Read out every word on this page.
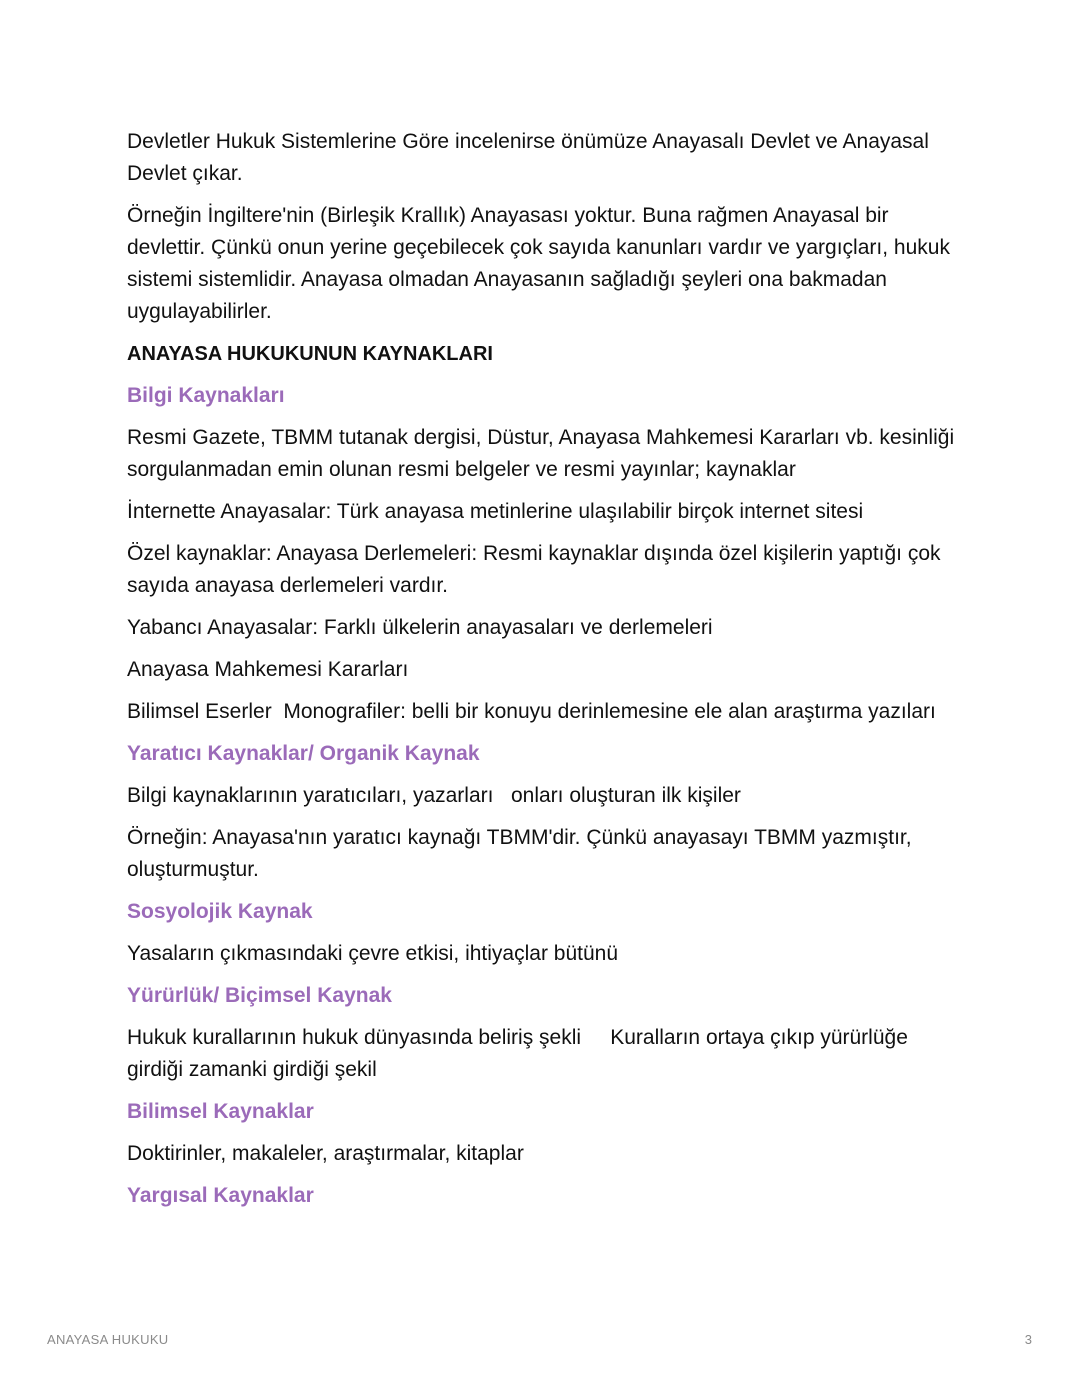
Devletler Hukuk Sistemlerine Göre incelenirse önümüze Anayasalı Devlet ve Anayasal Devlet çıkar.

Örneğin İngiltere'nin (Birleşik Krallık) Anayasası yoktur. Buna rağmen Anayasal bir devlettir. Çünkü onun yerine geçebilecek çok sayıda kanunları vardır ve yargıçları, hukuk sistemi sistemlidir. Anayasa olmadan Anayasanın sağladığı şeyleri ona bakmadan uygulayabilirler.

ANAYASA HUKUKUNUN KAYNAKLARI

Bilgi Kaynakları

Resmi Gazete, TBMM tutanak dergisi, Düstur, Anayasa Mahkemesi Kararları vb. kesinliği sorgulanmadan emin olunan resmi belgeler ve resmi yayınlar; kaynaklar

İnternette Anayasalar: Türk anayasa metinlerine ulaşılabilir birçok internet sitesi

Özel kaynaklar: Anayasa Derlemeleri: Resmi kaynaklar dışında özel kişilerin yaptığı çok sayıda anayasa derlemeleri vardır.

Yabancı Anayasalar: Farklı ülkelerin anayasaları ve derlemeleri

Anayasa Mahkemesi Kararları

Bilimsel Eserler  Monografiler: belli bir konuyu derinlemesine ele alan araştırma yazıları

Yaratıcı Kaynaklar/ Organik Kaynak

Bilgi kaynaklarının yaratıcıları, yazarları   onları oluşturan ilk kişiler

Örneğin: Anayasa'nın yaratıcı kaynağı TBMM'dir. Çünkü anayasayı TBMM yazmıştır, oluşturmuştur.

Sosyolojik Kaynak

Yasaların çıkmasındaki çevre etkisi, ihtiyaçlar bütünü

Yürürlük/ Biçimsel Kaynak

Hukuk kurallarının hukuk dünyasında beliriş şekli     Kuralların ortaya çıkıp yürürlüğe girdiği zamanki girdiği şekil

Bilimsel Kaynaklar

Doktirinler, makaleler, araştırmalar, kitaplar

Yargısal Kaynaklar

ANAYASA HUKUKU	3
